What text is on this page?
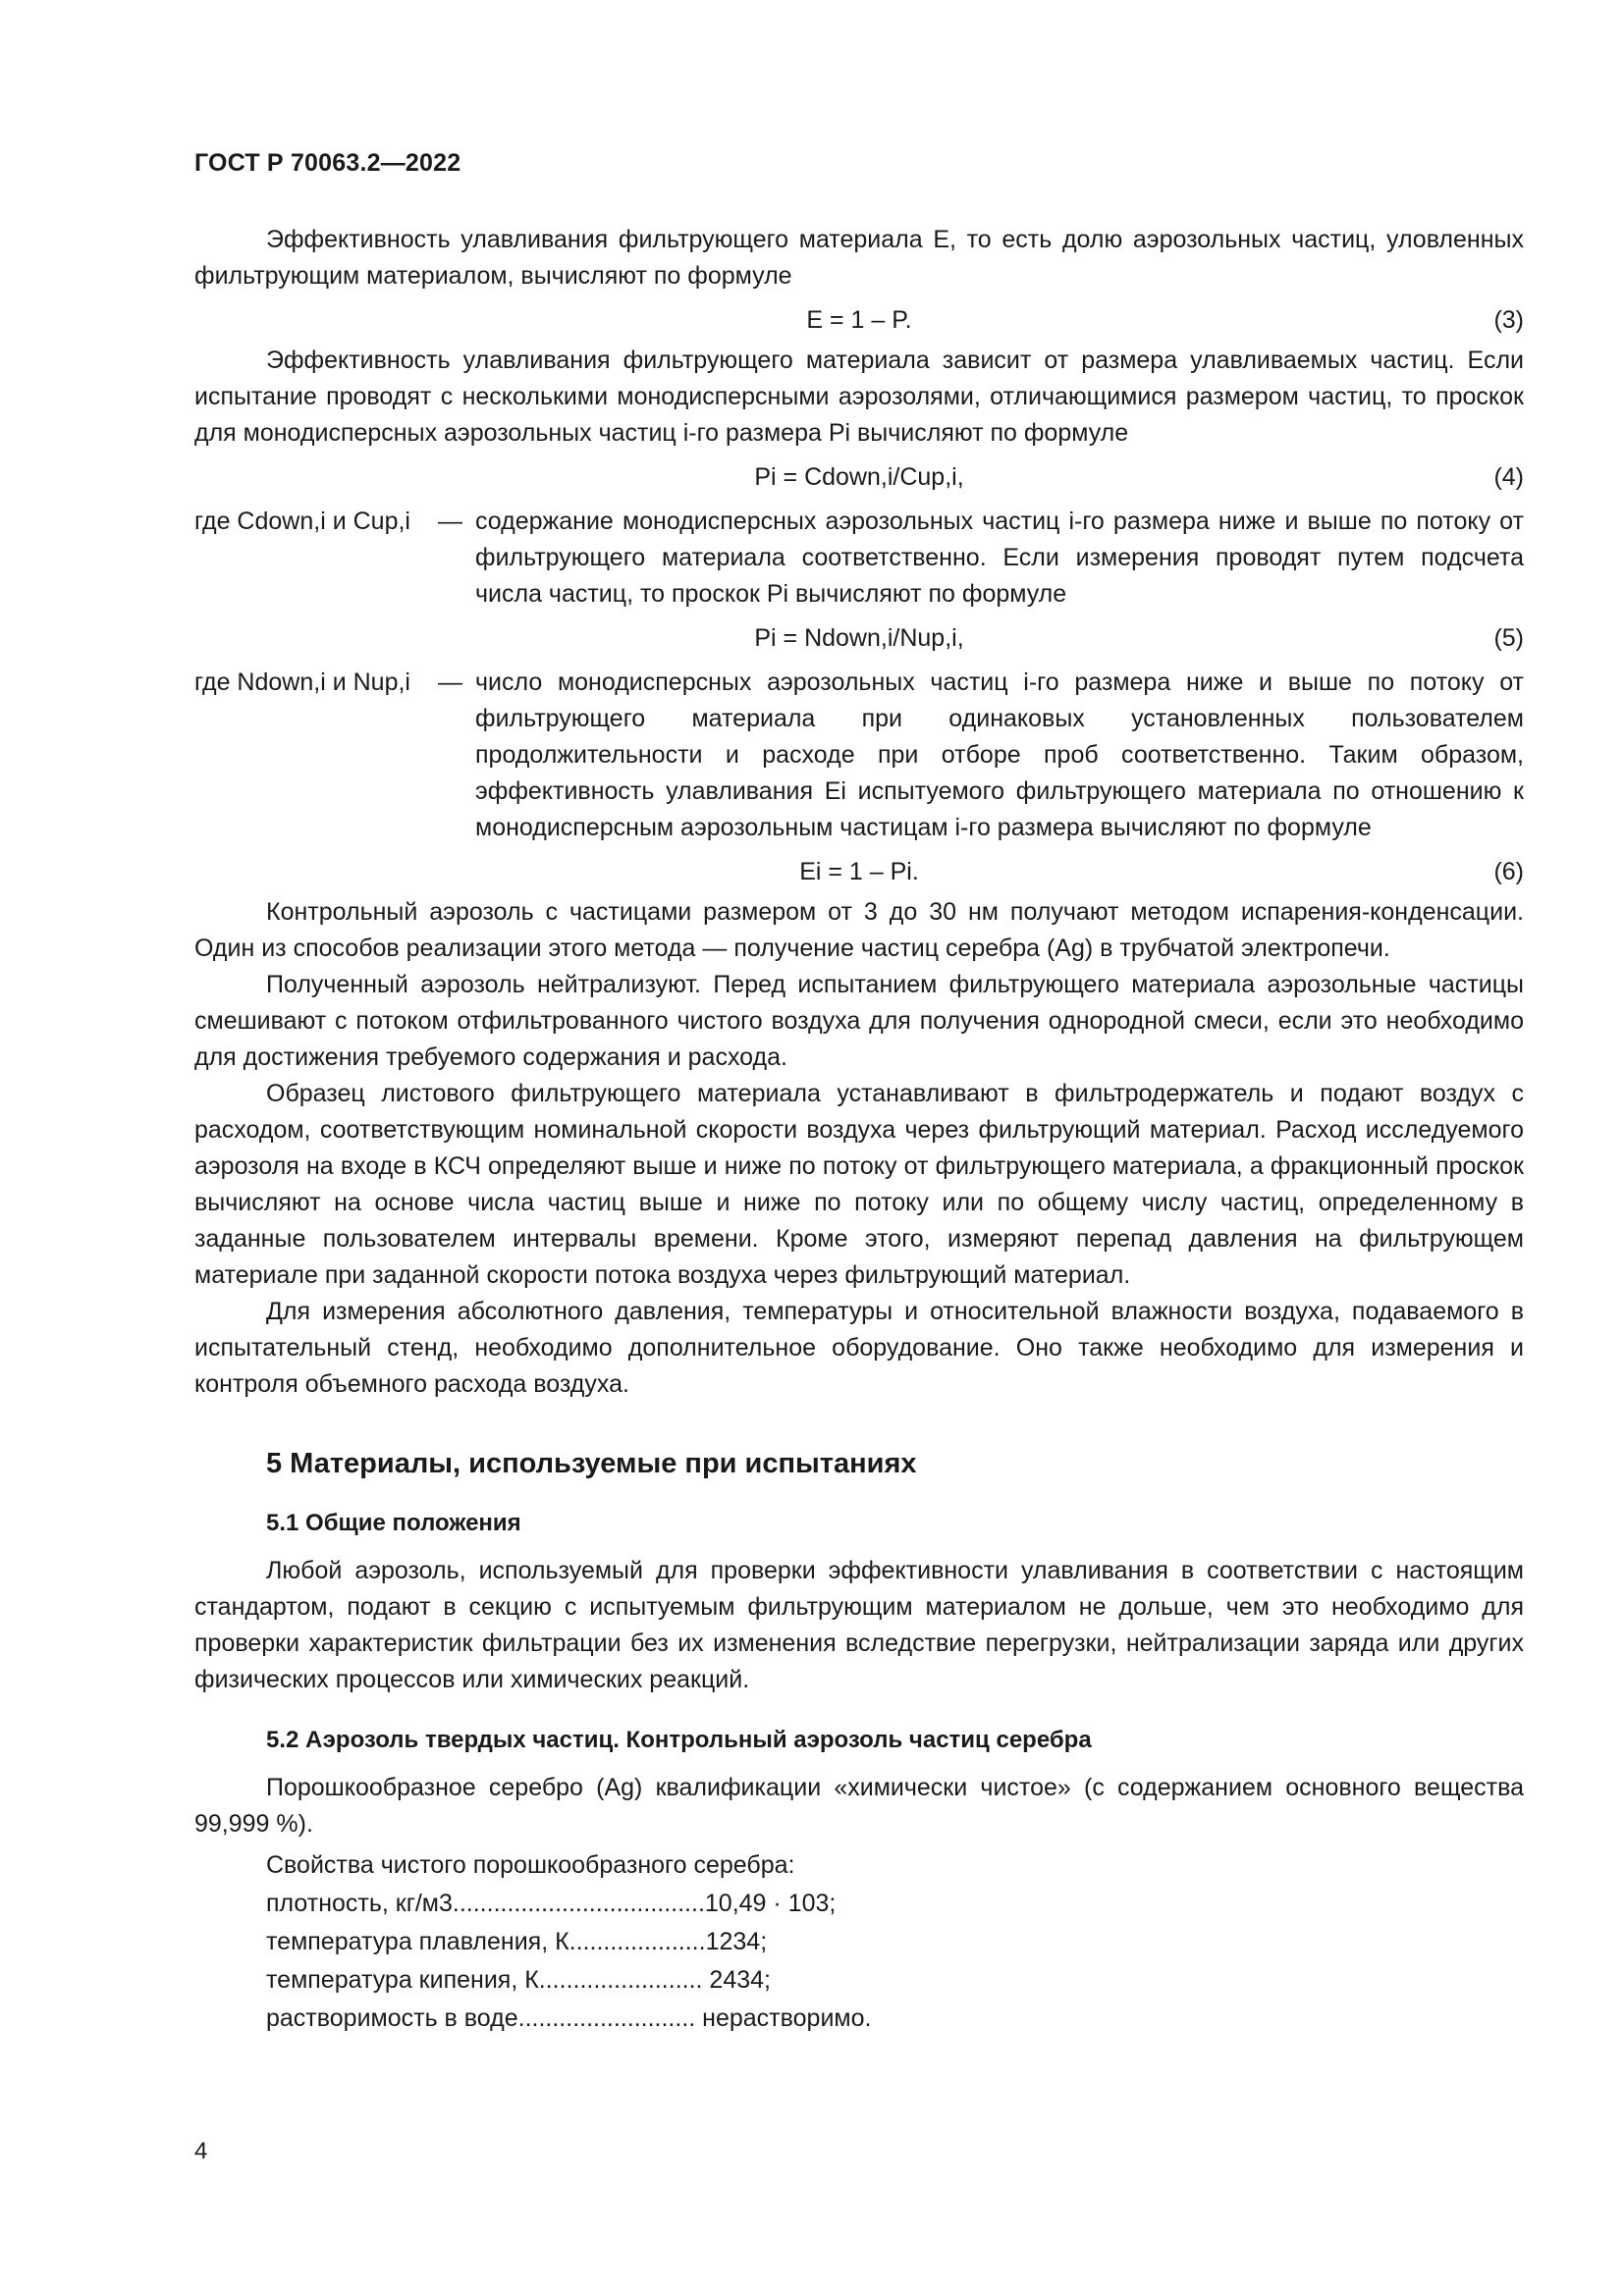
ГОСТ Р 70063.2—2022

Эффективность улавливания фильтрующего материала Е, то есть долю аэрозольных частиц, уловленных фильтрующим материалом, вычисляют по формуле

E = 1 – P.	(3)

Эффективность улавливания фильтрующего материала зависит от размера улавливаемых частиц. Если испытание проводят с несколькими монодисперсными аэрозолями, отличающимися размером частиц, то проскок для монодисперсных аэрозольных частиц i-го размера Pi вычисляют по формуле

Pi = Cdown,i/Cup,i,	(4)
где Cdown,i и Cup,i	— содержание монодисперсных аэрозольных частиц i-го размера ниже и выше по потоку от фильтрующего материала соответственно. Если измерения проводят путем подсчета числа частиц, то проскок Pi вычисляют по формуле
Pi = Ndown,i/Nup,i,	(5)
где Ndown,i и Nup,i	— число монодисперсных аэрозольных частиц i-го размера ниже и выше по потоку от фильтрующего материала при одинаковых установленных пользователем продолжительности и расходе при отборе проб соответственно. Таким образом, эффективность улавливания Ei испытуемого фильтрующего материала по отношению к монодисперсным аэрозольным частицам i-го размера вычисляют по формуле
Ei = 1 – Pi.	(6)

Контрольный аэрозоль с частицами размером от 3 до 30 нм получают методом испарения-конденсации. Один из способов реализации этого метода — получение частиц серебра (Ag) в трубчатой электропечи.

Полученный аэрозоль нейтрализуют. Перед испытанием фильтрующего материала аэрозольные частицы смешивают с потоком отфильтрованного чистого воздуха для получения однородной смеси, если это необходимо для достижения требуемого содержания и расхода.

Образец листового фильтрующего материала устанавливают в фильтродержатель и подают воздух с расходом, соответствующим номинальной скорости воздуха через фильтрующий материал. Расход исследуемого аэрозоля на входе в КСЧ определяют выше и ниже по потоку от фильтрующего материала, а фракционный проскок вычисляют на основе числа частиц выше и ниже по потоку или по общему числу частиц, определенному в заданные пользователем интервалы времени. Кроме этого, измеряют перепад давления на фильтрующем материале при заданной скорости потока воздуха через фильтрующий материал.

Для измерения абсолютного давления, температуры и относительной влажности воздуха, подаваемого в испытательный стенд, необходимо дополнительное оборудование. Оно также необходимо для измерения и контроля объемного расхода воздуха.

5 Материалы, используемые при испытаниях
5.1 Общие положения

Любой аэрозоль, используемый для проверки эффективности улавливания в соответствии с настоящим стандартом, подают в секцию с испытуемым фильтрующим материалом не дольше, чем это необходимо для проверки характеристик фильтрации без их изменения вследствие перегрузки, нейтрализации заряда или других физических процессов или химических реакций.

5.2 Аэрозоль твердых частиц. Контрольный аэрозоль частиц серебра

Порошкообразное серебро (Ag) квалификации «химически чистое» (с содержанием основного вещества 99,999 %).

Свойства чистого порошкообразного серебра:
плотность, кг/м3.....................................10,49 · 103;
температура плавления, К....................1234;
температура кипения, К........................ 2434;
растворимость в воде.......................... нерастворимо.
4
